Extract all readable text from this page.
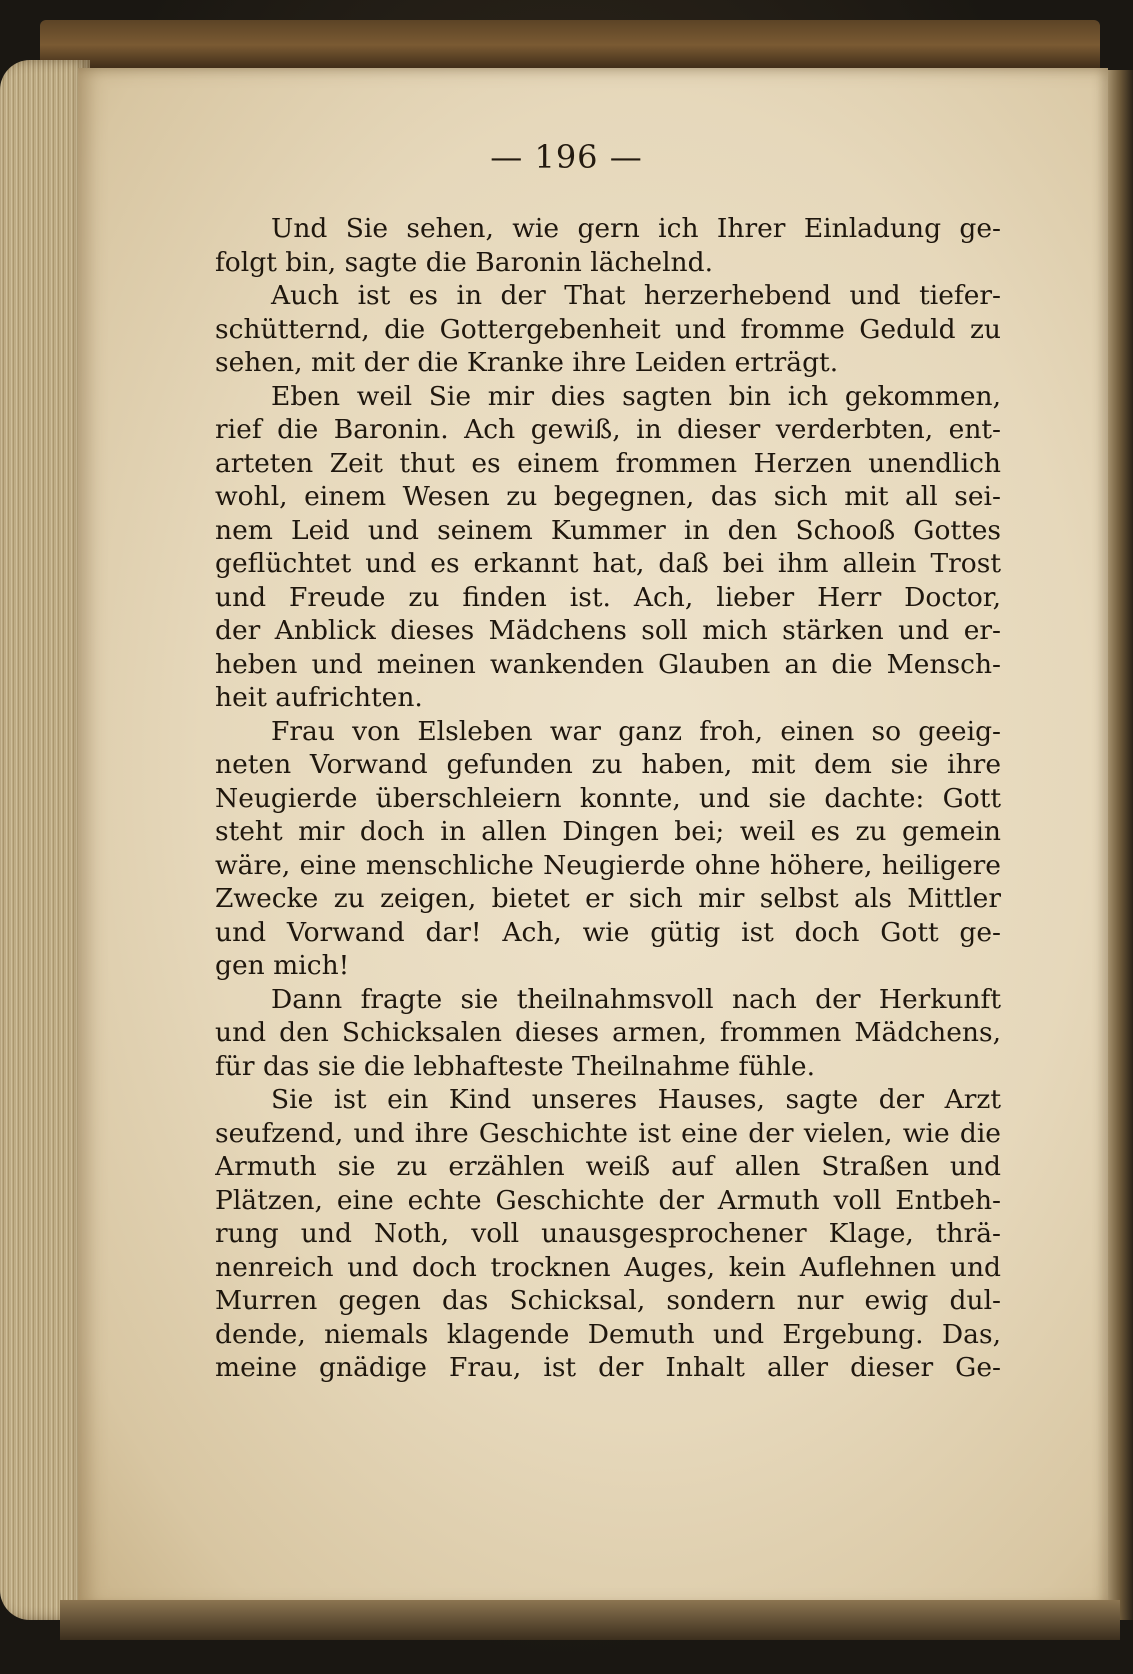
— 196 —
Und Sie sehen, wie gern ich Ihrer Einladung ge-
folgt bin, sagte die Baronin lächelnd.
Auch ist es in der That herzerhebend und tiefer-
schütternd, die Gottergebenheit und fromme Geduld zu
sehen, mit der die Kranke ihre Leiden erträgt.
Eben weil Sie mir dies sagten bin ich gekommen,
rief die Baronin. Ach gewiß, in dieser verderbten, ent-
arteten Zeit thut es einem frommen Herzen unendlich
wohl, einem Wesen zu begegnen, das sich mit all sei-
nem Leid und seinem Kummer in den Schooß Gottes
geflüchtet und es erkannt hat, daß bei ihm allein Trost
und Freude zu finden ist. Ach, lieber Herr Doctor,
der Anblick dieses Mädchens soll mich stärken und er-
heben und meinen wankenden Glauben an die Mensch-
heit aufrichten.
Frau von Elsleben war ganz froh, einen so geeig-
neten Vorwand gefunden zu haben, mit dem sie ihre
Neugierde überschleiern konnte, und sie dachte: Gott
steht mir doch in allen Dingen bei; weil es zu gemein
wäre, eine menschliche Neugierde ohne höhere, heiligere
Zwecke zu zeigen, bietet er sich mir selbst als Mittler
und Vorwand dar! Ach, wie gütig ist doch Gott ge-
gen mich!
Dann fragte sie theilnahmsvoll nach der Herkunft
und den Schicksalen dieses armen, frommen Mädchens,
für das sie die lebhafteste Theilnahme fühle.
Sie ist ein Kind unseres Hauses, sagte der Arzt
seufzend, und ihre Geschichte ist eine der vielen, wie die
Armuth sie zu erzählen weiß auf allen Straßen und
Plätzen, eine echte Geschichte der Armuth voll Entbeh-
rung und Noth, voll unausgesprochener Klage, thrä-
nenreich und doch trocknen Auges, kein Auflehnen und
Murren gegen das Schicksal, sondern nur ewig dul-
dende, niemals klagende Demuth und Ergebung. Das,
meine gnädige Frau, ist der Inhalt aller dieser Ge-
